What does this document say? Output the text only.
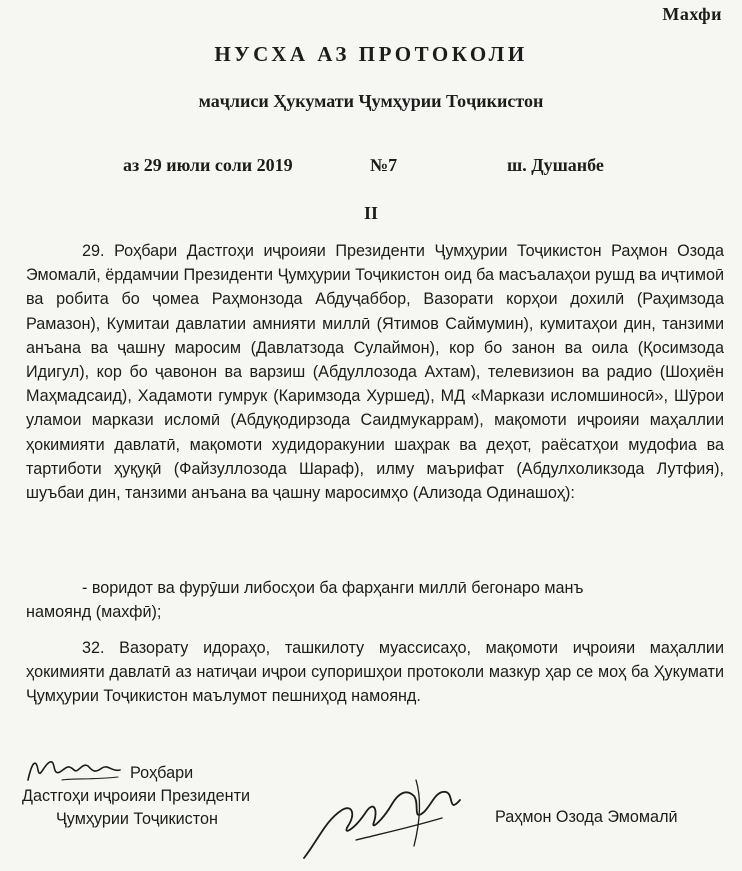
Махфи
НУСХА АЗ ПРОТОКОЛИ
маҷлиси Ҳукумати Ҷумҳурии Тоҷикистон
аз 29 июли соли 2019	№7	ш. Душанбе
II

29. Роҳбари Дастгоҳи иҷроияи Президенти Ҷумҳурии Тоҷикистон Раҳмон Озода Эмомалӣ, ёрдамчии Президенти Ҷумҳурии Тоҷикистон оид ба масъалаҳои рушд ва иҷтимоӣ ва робита бо ҷомеа Раҳмонзода Абдуҷаббор, Вазорати корҳои дохилӣ (Раҳимзода Рамазон), Кумитаи давлатии амнияти миллӣ (Ятимов Саймумин), кумитаҳои дин, танзими анъана ва ҷашну маросим (Давлатзода Сулаймон), кор бо занон ва оила (Қосимзода Идигул), кор бо ҷавонон ва варзиш (Абдуллозода Ахтам), телевизион ва радио (Шоҳиён Маҳмадсаид), Хадамоти гумрук (Каримзода Хуршед), МД «Маркази исломшиносӣ», Шӯрои уламои маркази исломӣ (Абдуқодирзода Саидмукаррам), мақомоти иҷроияи маҳаллии ҳокимияти давлатӣ, мақомоти худидоракунии шаҳрак ва деҳот, раёсатҳои мудофиа ва тартиботи ҳуқуқӣ (Файзуллозода Шараф), илму маърифат (Абдулхоликзода Лутфия), шуъбаи дин, танзими анъана ва ҷашну маросимҳо (Ализода Одинашоҳ):

- воридот ва фурӯши либосҳои ба фарҳанги миллӣ бегонаро манъ
намоянд (махфӣ);

32. Вазорату идораҳо, ташкилоту муассисаҳо, мақомоти иҷроияи маҳаллии ҳокимияти давлатӣ аз натиҷаи иҷрои супоришҳои протоколи мазкур ҳар се моҳ ба Ҳукумати Ҷумҳурии Тоҷикистон маълумот пешниҳод намоянд.

Роҳбари
Дастгоҳи иҷроияи Президенти
Ҷумҳурии Тоҷикистон	Раҳмон Озода Эмомалӣ
